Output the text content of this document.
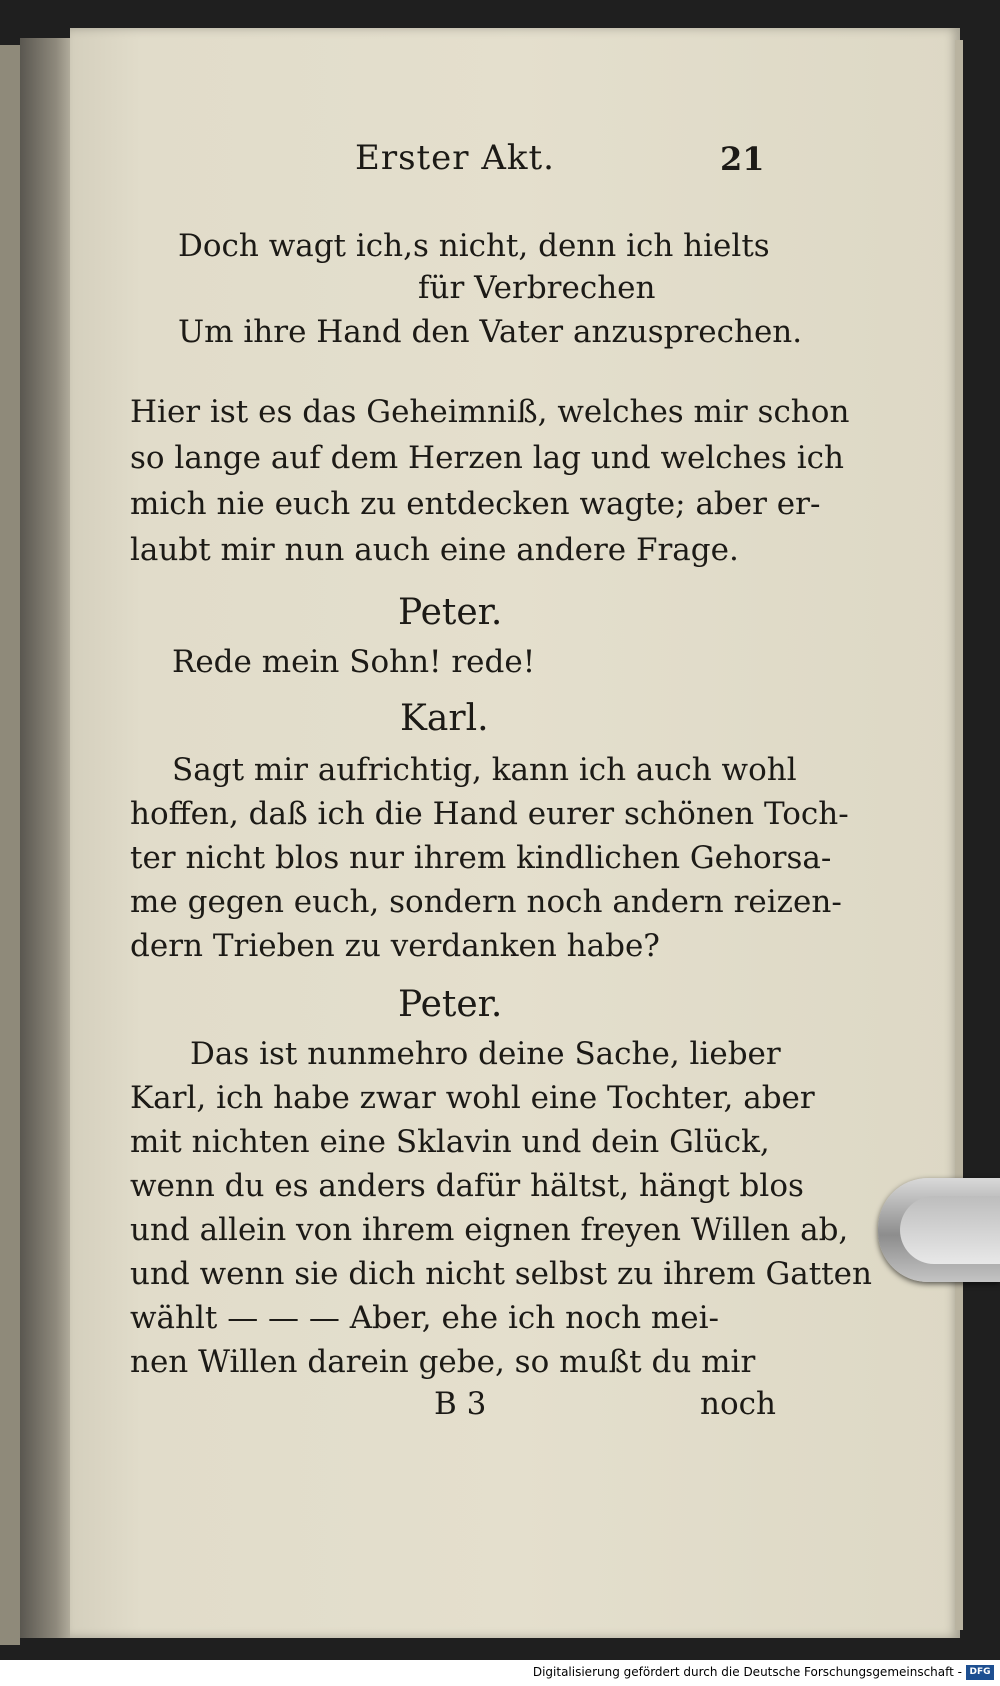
Erster Akt.	21
Doch wagt ich,s nicht, denn ich hielts
für Verbrechen
Um ihre Hand den Vater anzusprechen.
Hier ist es das Geheimniß, welches mir schon
so lange auf dem Herzen lag und welches ich
mich nie euch zu entdecken wagte; aber er-
laubt mir nun auch eine andere Frage.
Peter.
Rede mein Sohn! rede!
Karl.
Sagt mir aufrichtig, kann ich auch wohl
hoffen, daß ich die Hand eurer schönen Toch-
ter nicht blos nur ihrem kindlichen Gehorsa-
me gegen euch, sondern noch andern reizen-
dern Trieben zu verdanken habe?
Peter.
Das ist nunmehro deine Sache, lieber
Karl, ich habe zwar wohl eine Tochter, aber
mit nichten eine Sklavin und dein Glück,
wenn du es anders dafür hältst, hängt blos
und allein von ihrem eignen freyen Willen ab,
und wenn sie dich nicht selbst zu ihrem Gatten
wählt — — — Aber, ehe ich noch mei-
nen Willen darein gebe, so mußt du mir
B 3	noch
Digitalisierung gefördert durch die Deutsche Forschungsgemeinschaft - DFG
